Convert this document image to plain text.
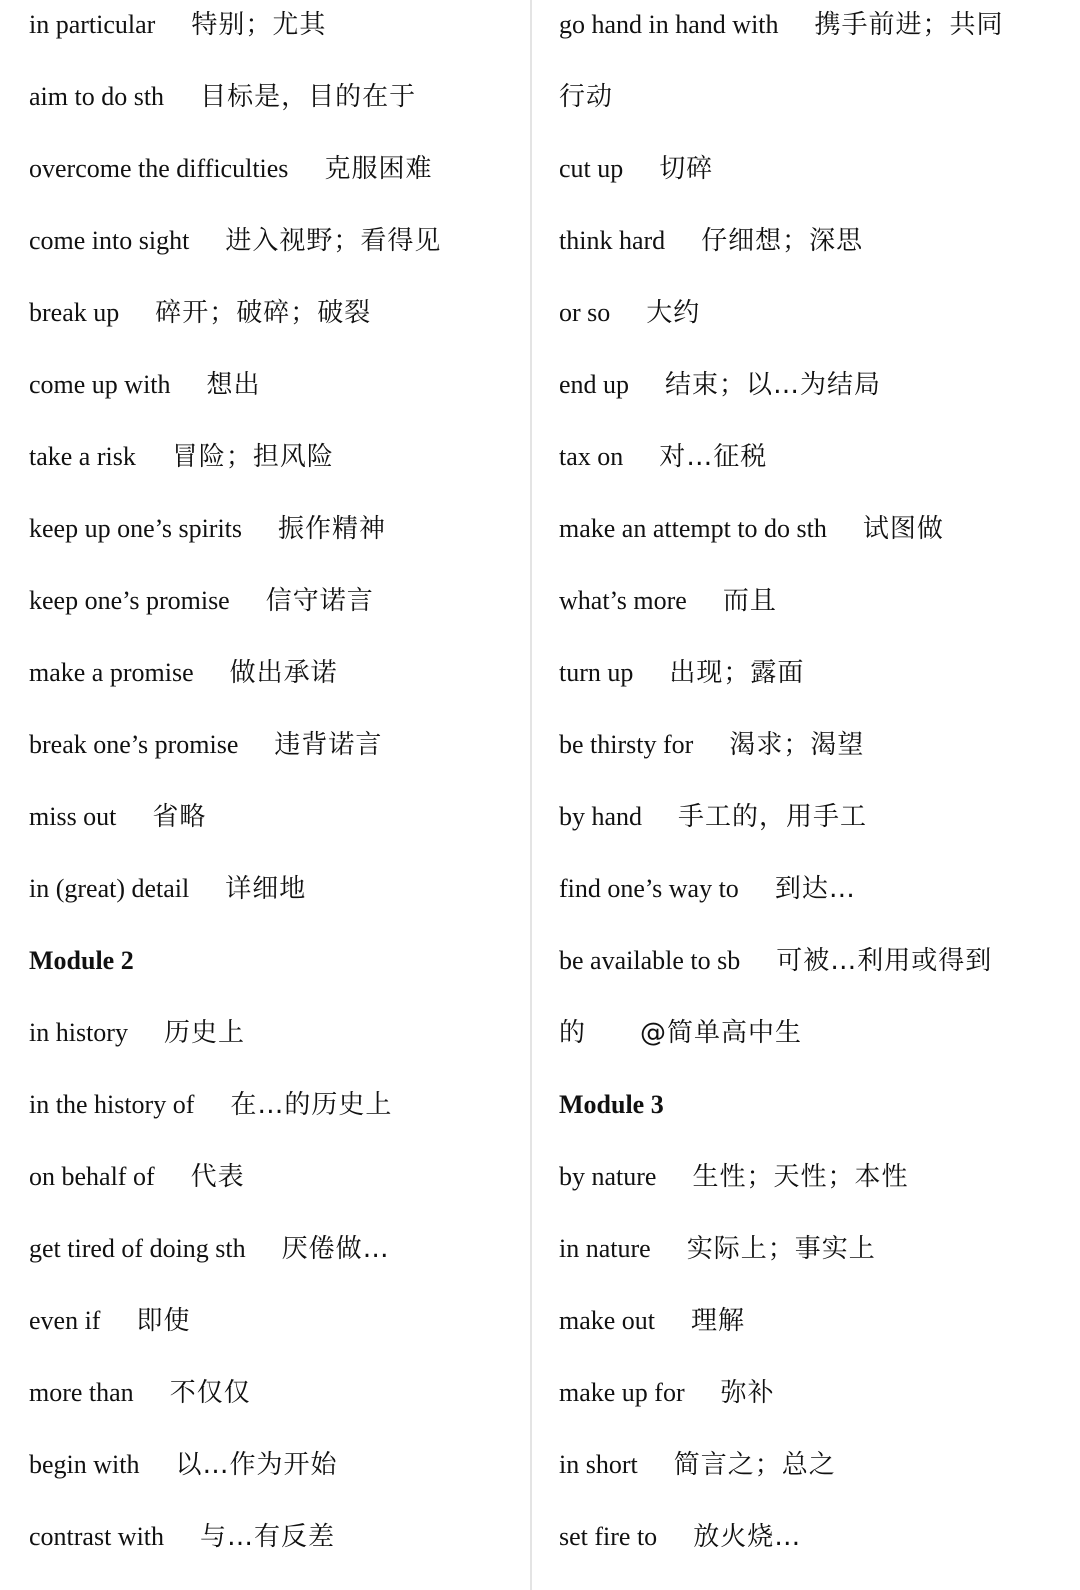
in particular 特别；尤其
aim to do sth 目标是，目的在于
overcome the difficulties 克服困难
come into sight 进入视野；看得见
break up 碎开；破碎；破裂
come up with 想出
take a risk 冒险；担风险
keep up one’s spirits 振作精神
keep one’s promise 信守诺言
make a promise 做出承诺
break one’s promise 违背诺言
miss out 省略
in (great) detail 详细地
Module 2
in history 历史上
in the history of 在…的历史上
on behalf of 代表
get tired of doing sth 厌倦做…
even if 即使
more than 不仅仅
begin with 以…作为开始
contrast with 与…有反差
go hand in hand with 携手前进；共同
行动
cut up 切碎
think hard 仔细想；深思
or so 大约
end up 结束；以…为结局
tax on 对…征税
make an attempt to do sth 试图做
what’s more 而且
turn up 出现；露面
be thirsty for 渴求；渴望
by hand 手工的，用手工
find one’s way to 到达…
be available to sb 可被…利用或得到
的　　@简单高中生
Module 3
by nature 生性；天性；本性
in nature 实际上；事实上
make out 理解
make up for 弥补
in short 简言之；总之
set fire to 放火烧…
